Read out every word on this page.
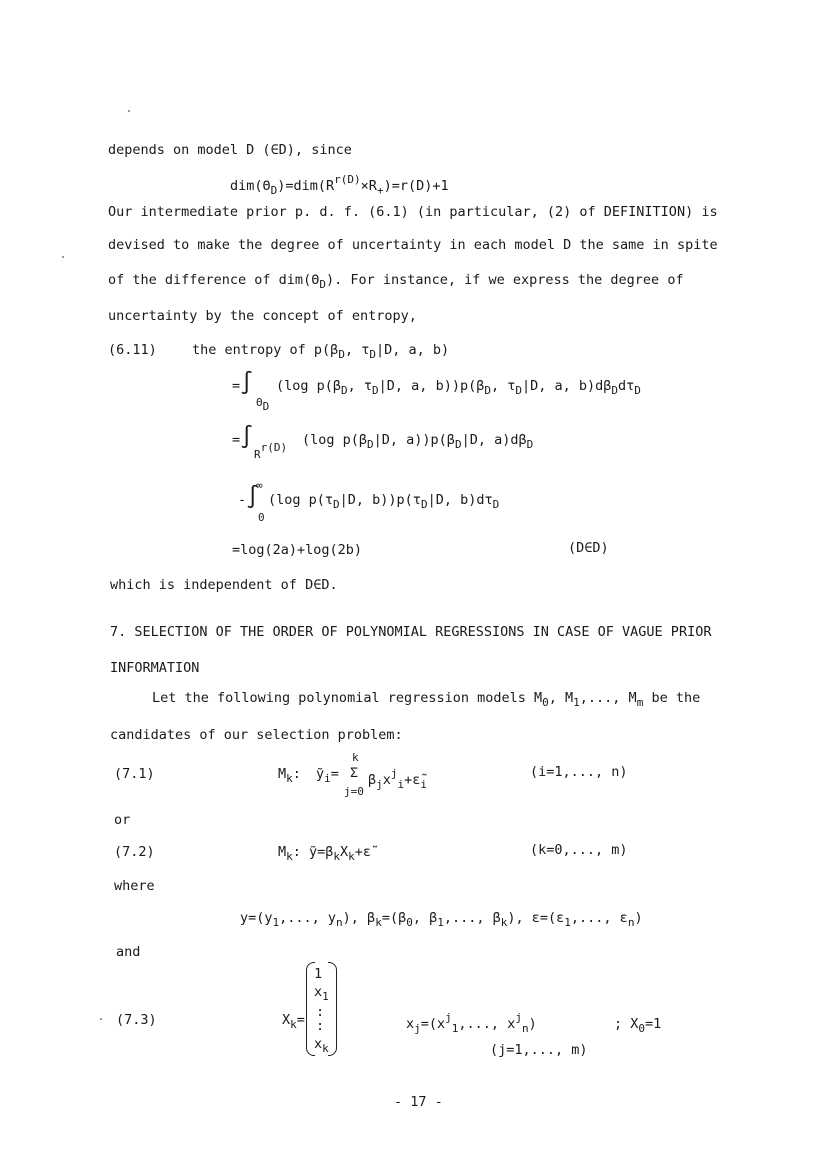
depends on model D (∈D), since
$dim(\Theta_D)=dim(R^{r(D)}\times R_+)=r(D)+1$
Our intermediate prior p. d. f. (6.1) (in particular, (2) of DEFINITION) is
devised to make the degree of uncertainty in each model D the same in spite
of the difference of $dim(\Theta_D)$. For instance, if we express the degree of
uncertainty by the concept of entropy,
(6.11)	the entropy of $p(\beta_D$, $\tau_D|D$, a, b)
=∫
ΘD
(log $p(\beta_D$, $\tau_D|D$, a, $b))p(\beta_D$, $\tau_D|D$, a, $b)d\beta_Dd\tau_D$
=∫
Rr(D) (log $p(\beta_D|D$, $a))p(\beta_D|D$, $a)d\beta_D$
∞
-∫
0
(log $p(\tau_D|D$, $b))p(\tau_D|D$, $b)d\tau_D$
=log(2a)+log(2b)	(D∈D)
which is independent of D∈D.
7. SELECTION OF THE ORDER OF POLYNOMIAL REGRESSIONS IN CASE OF VAGUE PRIOR
INFORMATION
Let the following polynomial regression models $M_0$, $M_1$,..., $M_m$ be the
candidates of our selection problem:
(7.1)	$M_k$: ỹ$_i$=
k
Σ
j=0
$\beta_jx^j_i+\varepsiloñ_i$
(i=1,..., n)
or
(7.2)	$M_k$: $ỹ=\beta_kX_k+\varepsiloñ$	(k=0,..., m)
where
$y=(y_1$,..., $y_n$), $\beta_k=(\beta_0$, $\beta_1$,..., $\beta_k$), $\varepsilon=(\varepsilon_1$,..., $\varepsilon_n$)
and
(7.3)	$X_k=$
1
$x_1$
:
:
$x_k$
$x_j=(x^j_1$,..., $x^j_n$)
(j=1,..., m)
; $X_0=1$
- 17 -
